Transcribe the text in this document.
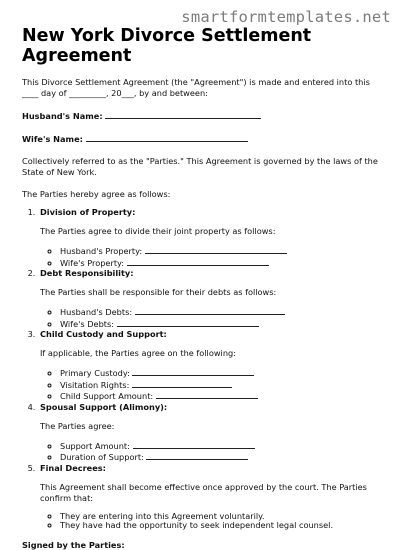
smartformtemplates.net
New York Divorce Settlement Agreement

This Divorce Settlement Agreement (the "Agreement") is made and entered into this ____ day of _________, 20___, by and between:

Husband's Name:
Wife's Name:

Collectively referred to as the "Parties." This Agreement is governed by the laws of the State of New York.

The Parties hereby agree as follows:

1. Division of Property:

The Parties agree to divide their joint property as follows:

◦ Husband's Property:
◦ Wife's Property:
2. Debt Responsibility:

The Parties shall be responsible for their debts as follows:

◦ Husband's Debts:
◦ Wife's Debts:
3. Child Custody and Support:

If applicable, the Parties agree on the following:

◦ Primary Custody:
◦ Visitation Rights:
◦ Child Support Amount:
4. Spousal Support (Alimony):

The Parties agree:

◦ Support Amount:
◦ Duration of Support:
5. Final Decrees:

This Agreement shall become effective once approved by the court. The Parties confirm that:

◦ They are entering into this Agreement voluntarily.
◦ They have had the opportunity to seek independent legal counsel.
Signed by the Parties:
